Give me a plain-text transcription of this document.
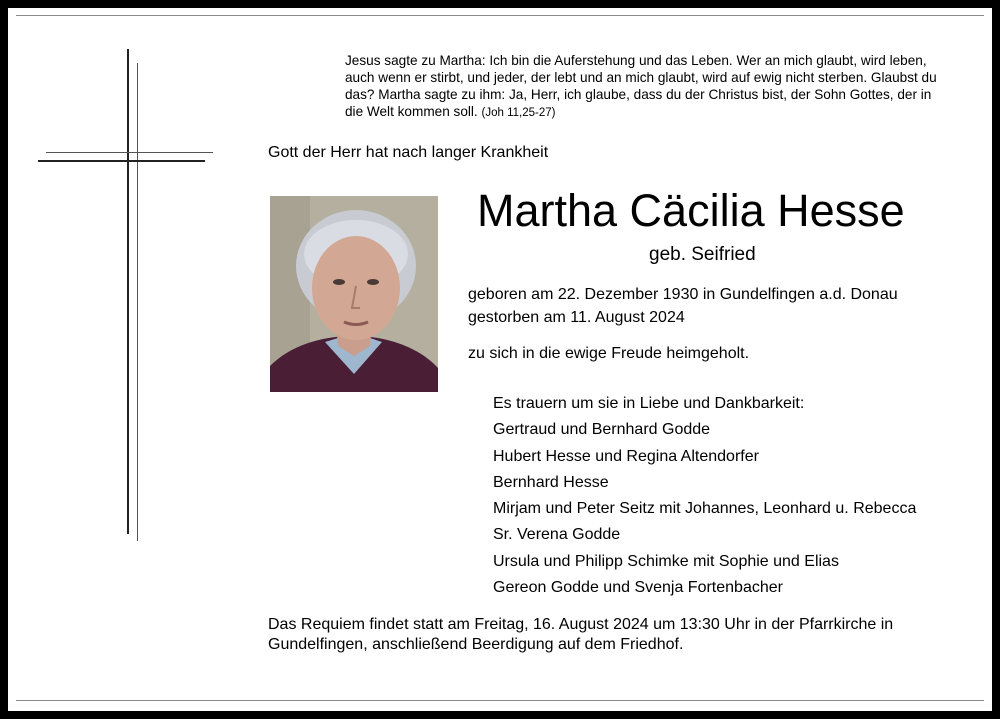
Jesus sagte zu Martha: Ich bin die Auferstehung und das Leben. Wer an mich glaubt, wird leben, auch wenn er stirbt, und jeder, der lebt und an mich glaubt, wird auf ewig nicht sterben. Glaubst du das? Martha sagte zu ihm: Ja, Herr, ich glaube, dass du der Christus bist, der Sohn Gottes, der in die Welt kommen soll. (Joh 11,25-27)
Gott der Herr hat nach langer Krankheit
Martha Cäcilia Hesse
geb. Seifried
geboren am 22. Dezember 1930 in Gundelfingen a.d. Donau
gestorben am 11. August 2024
zu sich in die ewige Freude heimgeholt.
Es trauern um sie in Liebe und Dankbarkeit:
Gertraud und Bernhard Godde
Hubert Hesse und Regina Altendorfer
Bernhard Hesse
Mirjam und Peter Seitz mit Johannes, Leonhard u. Rebecca
Sr. Verena Godde
Ursula und Philipp Schimke mit Sophie und Elias
Gereon Godde und Svenja Fortenbacher
Das Requiem findet statt am Freitag, 16. August 2024 um 13:30 Uhr in der Pfarrkirche in Gundelfingen, anschließend Beerdigung auf dem Friedhof.
